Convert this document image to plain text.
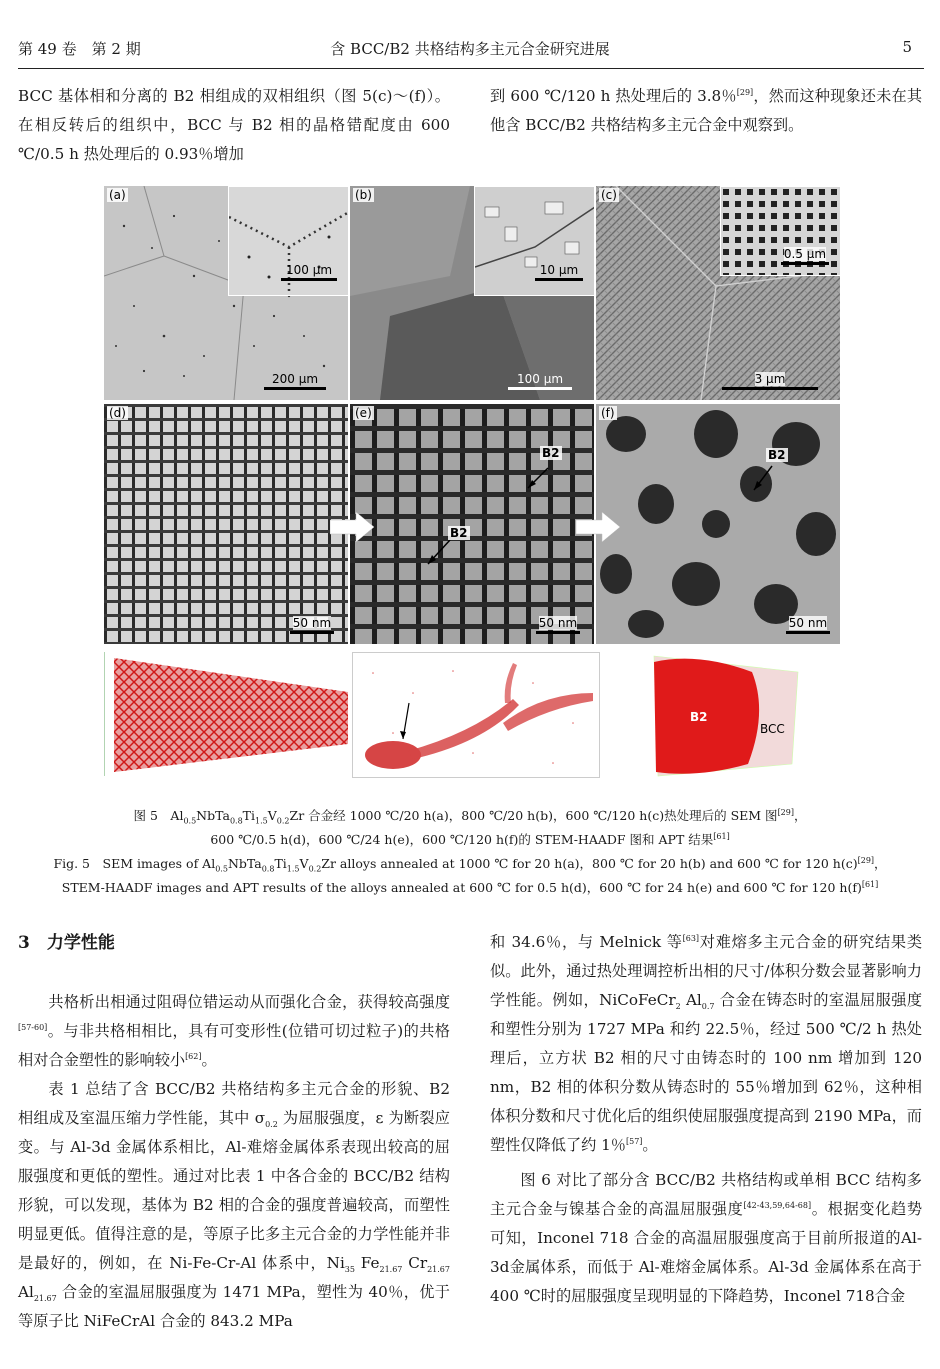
第 49 卷　第 2 期	含 BCC/B2 共格结构多主元合金研究进展	5

BCC 基体相和分离的 B2 相组成的双相组织（图 5(c)～(f)）。在相反转后的组织中，BCC 与 B2 相的晶格错配度由 600 ℃/0.5 h 热处理后的 0.93％增加

到 600 ℃/120 h 热处理后的 3.8％[29]，然而这种现象还未在其他含 BCC/B2 共格结构多主元合金中观察到。

100 μm
(a)
200 μm
10 μm
(b)
100 μm
0.5 μm
(c)
3 μm
(d)
50 nm
(e)
B2
B2
50 nm
(f)
B2
50 nm
B2
BCC
图 5　$Al_{0.5}NbTa_{0.8}Ti_{1.5}V_{0.2}Zr$ 合金经 1000 ℃/20 h(a)，800 ℃/20 h(b)，600 ℃/120 h(c)热处理后的 SEM 图[29]，
600 ℃/0.5 h(d)，600 ℃/24 h(e)，600 ℃/120 h(f)的 STEM-HAADF 图和 APT 结果[61]
Fig. 5　SEM images of $Al_{0.5}NbTa_{0.8}Ti_{1.5}V_{0.2}Zr$ alloys annealed at 1000 ℃ for 20 h(a)，800 ℃ for 20 h(b) and 600 ℃ for 120 h(c)[29]，
STEM-HAADF images and APT results of the alloys annealed at 600 ℃ for 0.5 h(d)，600 ℃ for 24 h(e) and 600 ℃ for 120 h(f)[61]
3　力学性能

共格析出相通过阻碍位错运动从而强化合金，获得较高强度[57-60]。与非共格相相比，具有可变形性(位错可切过粒子)的共格相对合金塑性的影响较小[62]。

表 1 总结了含 BCC/B2 共格结构多主元合金的形貌、B2 相组成及室温压缩力学性能，其中 $\sigma_{0.2}$ 为屈服强度，ε 为断裂应变。与 Al-3d 金属体系相比，Al-难熔金属体系表现出较高的屈服强度和更低的塑性。通过对比表 1 中各合金的 BCC/B2 结构形貌，可以发现，基体为 B2 相的合金的强度普遍较高，而塑性明显更低。值得注意的是，等原子比多主元合金的力学性能并非是最好的，例如，在 Ni-Fe-Cr-Al 体系中，$Ni_{35}$ $Fe_{21.67}$ $Cr_{21.67}$ $Al_{21.67}$ 合金的室温屈服强度为 1471 MPa，塑性为 40％，优于等原子比 NiFeCrAl 合金的 843.2 MPa

和 34.6％，与 Melnick 等[63]对难熔多主元合金的研究结果类似。此外，通过热处理调控析出相的尺寸/体积分数会显著影响力学性能。例如，NiCoFeCr$_2$ $Al_{0.7}$ 合金在铸态时的室温屈服强度和塑性分别为 1727 MPa 和约 22.5％，经过 500 ℃/2 h 热处理后，立方状 B2 相的尺寸由铸态时的 100 nm 增加到 120 nm，B2 相的体积分数从铸态时的 55％增加到 62％，这种相体积分数和尺寸优化后的组织使屈服强度提高到 2190 MPa，而塑性仅降低了约 1％[57]。

图 6 对比了部分含 BCC/B2 共格结构或单相 BCC 结构多主元合金与镍基合金的高温屈服强度[42-43,59,64-68]。根据变化趋势可知，Inconel 718 合金的高温屈服强度高于目前所报道的Al-3d金属体系，而低于 Al-难熔金属体系。Al-3d 金属体系在高于400 ℃时的屈服强度呈现明显的下降趋势，Inconel 718合金
